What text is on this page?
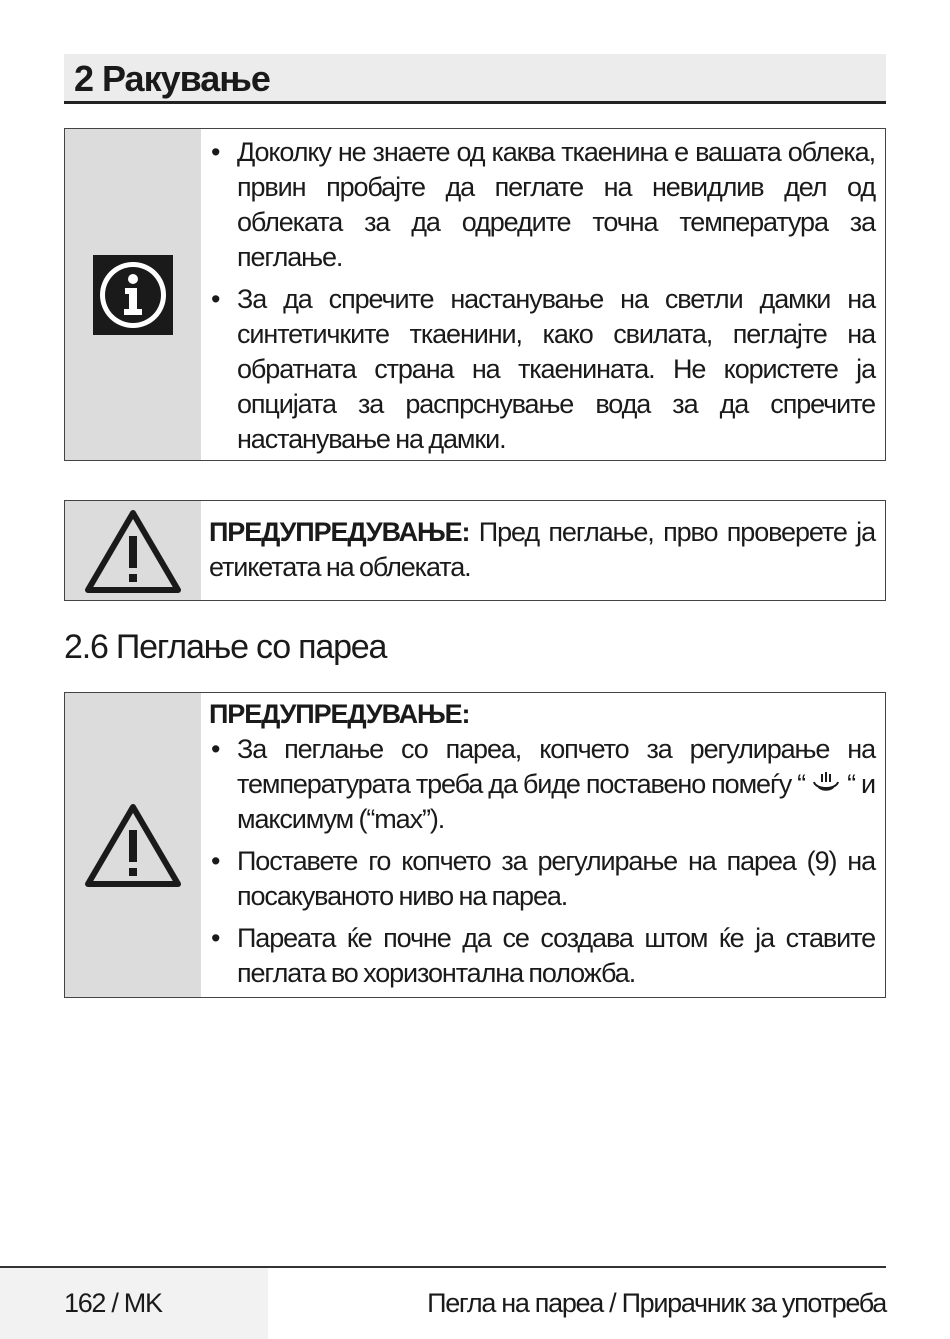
2 Ракување
• Доколку не знаете од каква ткаенина е вашата облека, првин пробајте да пеглате на невидлив дел од облеката за да одредите точна температура за пеглање.
• За да спречите настанување на светли дамки на синтетичките ткаенини, како свилата, пеглајте на обратната страна на ткаенината. Не користете ја опцијата за распрснување вода за да спречите настанување на дамки.
ПРЕДУПРЕДУВАЊЕ: Пред пеглање, прво проверете ја етикетата на облеката.
2.6 Пеглање со пареа
ПРЕДУПРЕДУВАЊЕ:
• За пеглање со пареа, копчето за регулирање на температурата треба да биде поставено помеѓу “  “ и максимум (“max”).
• Поставете го копчето за регулирање на пареа (9) на посакуваното ниво на пареа.
• Пареата ќе почне да се создава штом ќе ја ставите пеглата во хоризонтална положба.
162 / MK	Пегла на пареа / Прирачник за употреба
